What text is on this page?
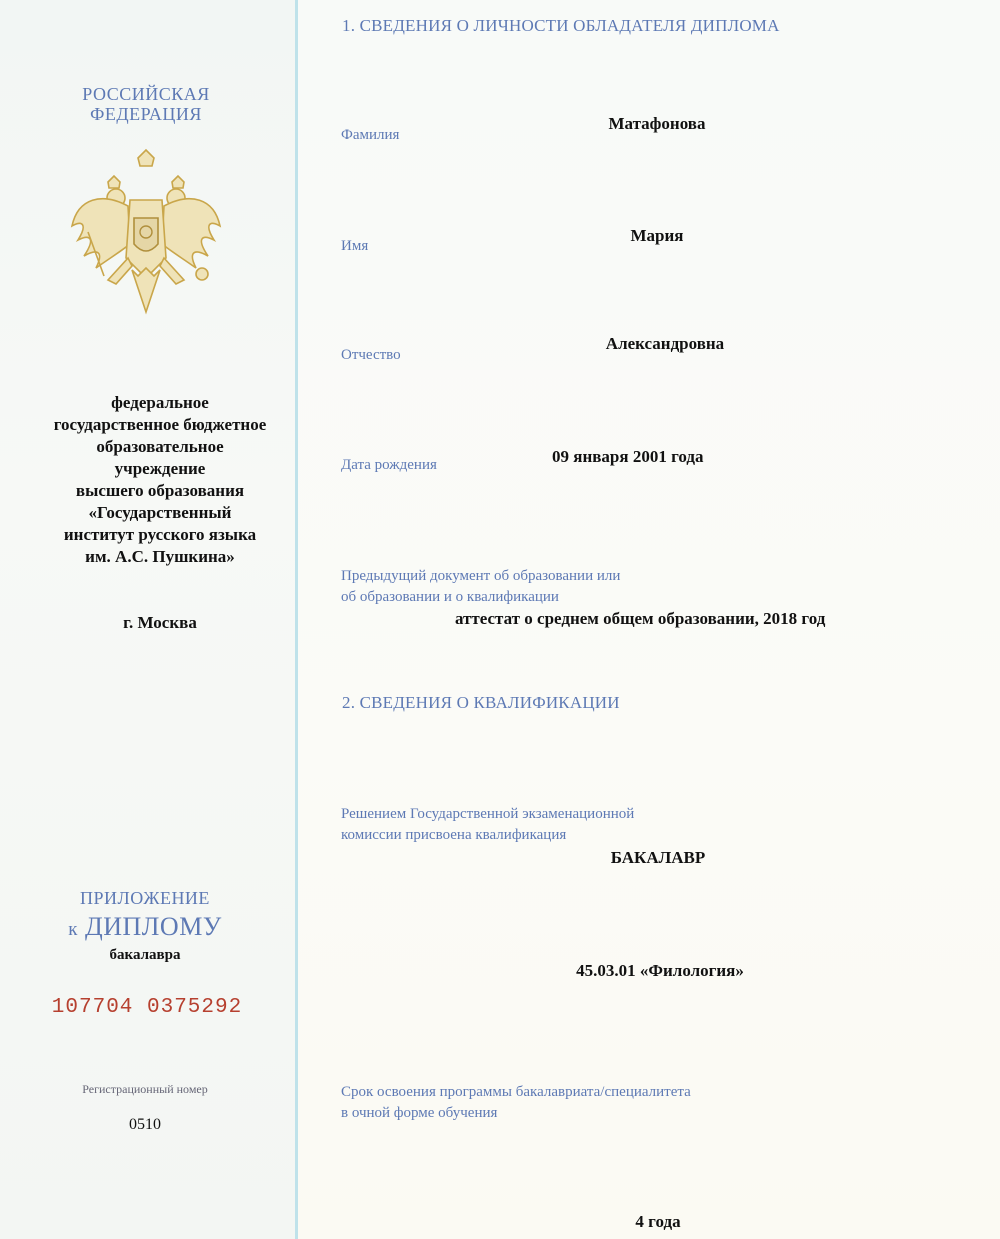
РОССИЙСКАЯ
ФЕДЕРАЦИЯ
федеральное
государственное бюджетное
образовательное
учреждение
высшего образования
«Государственный
институт русского языка
им. А.С. Пушкина»
г. Москва
ПРИЛОЖЕНИЕ
к ДИПЛОМУ
бакалавра
107704 0375292
Регистрационный номер
0510
1. СВЕДЕНИЯ О ЛИЧНОСТИ ОБЛАДАТЕЛЯ ДИПЛОМА
Фамилия
Матафонова
Имя
Мария
Отчество
Александровна
Дата рождения	09 января 2001 года
Предыдущий документ об образовании или
об образовании и о квалификации
аттестат о среднем общем образовании, 2018 год
2. СВЕДЕНИЯ О КВАЛИФИКАЦИИ
Решением Государственной экзаменационной
комиссии присвоена квалификация
БАКАЛАВР
45.03.01 «Филология»
Срок освоения программы бакалавриата/специалитета
в очной форме обучения
4 года
